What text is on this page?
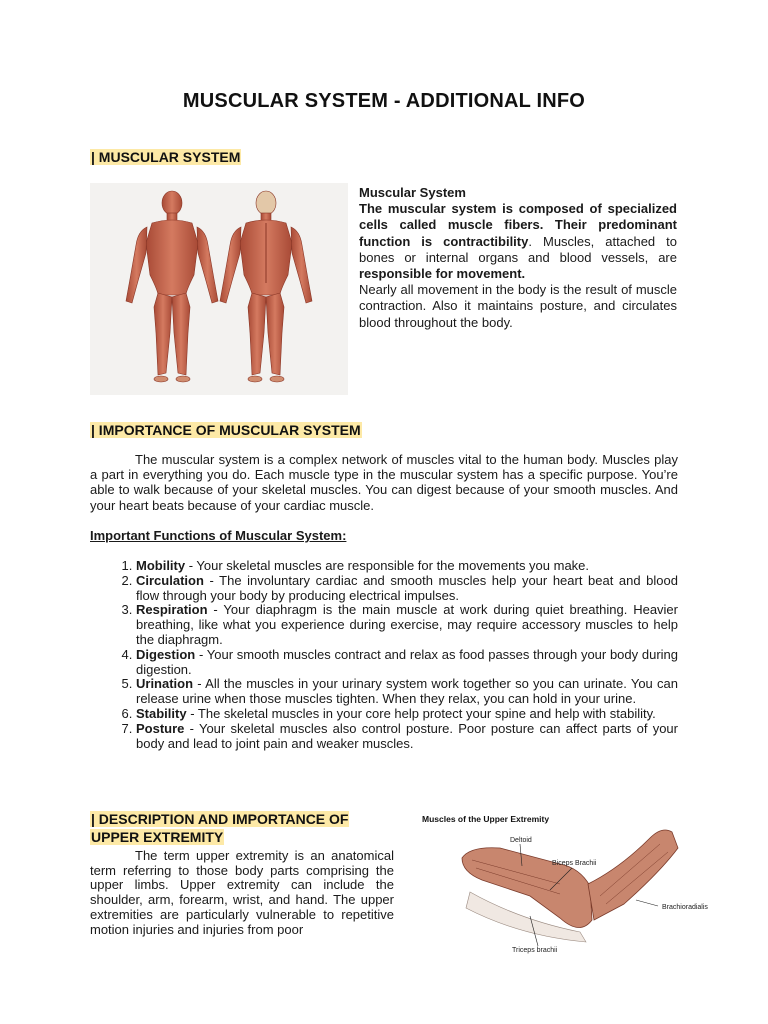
MUSCULAR SYSTEM - ADDITIONAL INFO
| MUSCULAR SYSTEM

Muscular System

The muscular system is composed of specialized cells called muscle fibers. Their predominant function is contractibility. Muscles, attached to bones or internal organs and blood vessels, are responsible for movement.

Nearly all movement in the body is the result of muscle contraction. Also it maintains posture, and circulates blood throughout the body.

| IMPORTANCE OF MUSCULAR SYSTEM

The muscular system is a complex network of muscles vital to the human body. Muscles play a part in everything you do. Each muscle type in the muscular system has a specific purpose. You’re able to walk because of your skeletal muscles. You can digest because of your smooth muscles. And your heart beats because of your cardiac muscle.

Important Functions of Muscular System:
1. Mobility - Your skeletal muscles are responsible for the movements you make.
2. Circulation - The involuntary cardiac and smooth muscles help your heart beat and blood flow through your body by producing electrical impulses.
3. Respiration - Your diaphragm is the main muscle at work during quiet breathing. Heavier breathing, like what you experience during exercise, may require accessory muscles to help the diaphragm.
4. Digestion - Your smooth muscles contract and relax as food passes through your body during digestion.
5. Urination - All the muscles in your urinary system work together so you can urinate. You can release urine when those muscles tighten. When they relax, you can hold in your urine.
6. Stability - The skeletal muscles in your core help protect your spine and help with stability.
7. Posture - Your skeletal muscles also control posture. Poor posture can affect parts of your body and lead to joint pain and weaker muscles.
| DESCRIPTION AND IMPORTANCE OF
UPPER EXTREMITY

The term upper extremity is an anatomical term referring to those body parts comprising the upper limbs. Upper extremity can include the shoulder, arm, forearm, wrist, and hand. The upper extremities are particularly vulnerable to repetitive motion injuries and injuries from poor

Muscles of the Upper Extremity
Deltoid
Biceps Brachii
Brachioradialis
Triceps brachii
